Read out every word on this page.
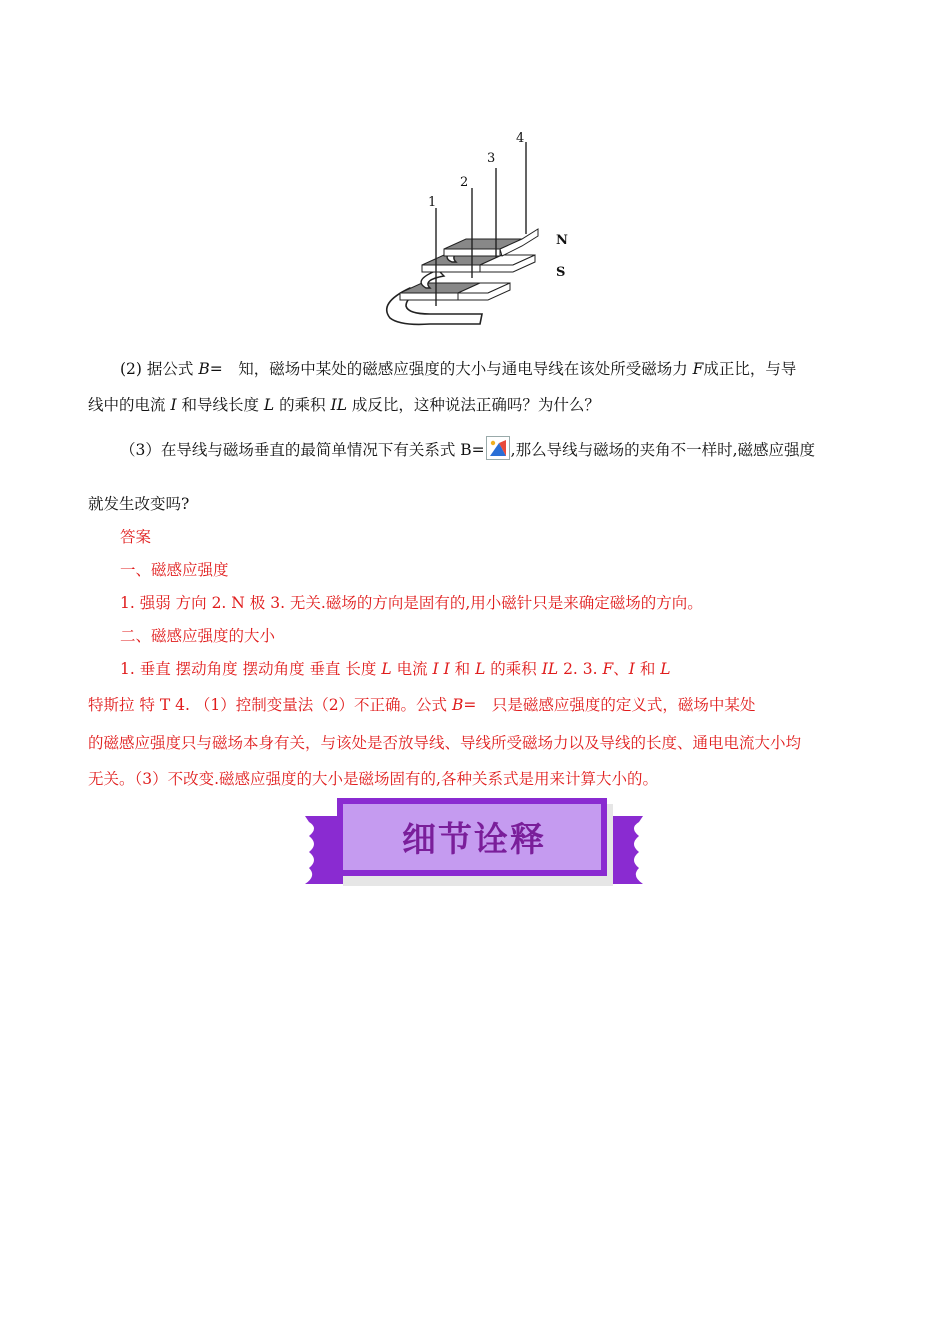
1
2
3
4
N
S
(2) 据公式 B=　知，磁场中某处的磁感应强度的大小与通电导线在该处所受磁场力 F成正比，与导
线中的电流 I 和导线长度 L 的乘积 IL 成反比，这种说法正确吗？为什么？
（3）在导线与磁场垂直的最简单情况下有关系式 B= ,那么导线与磁场的夹角不一样时,磁感应强度
就发生改变吗?
答案
一、磁感应强度
1. 强弱 方向 2. N 极 3. 无关.磁场的方向是固有的,用小磁针只是来确定磁场的方向。
二、磁感应强度的大小
1. 垂直 摆动角度 摆动角度 垂直 长度 L 电流 I I 和 L 的乘积 IL 2. 3. F、I 和 L
特斯拉 特 T 4. （1）控制变量法（2）不正确。公式 B=　只是磁感应强度的定义式，磁场中某处
的磁感应强度只与磁场本身有关，与该处是否放导线、导线所受磁场力以及导线的长度、通电电流大小均
无关。（3）不改变.磁感应强度的大小是磁场固有的,各种关系式是用来计算大小的。
细节诠释
